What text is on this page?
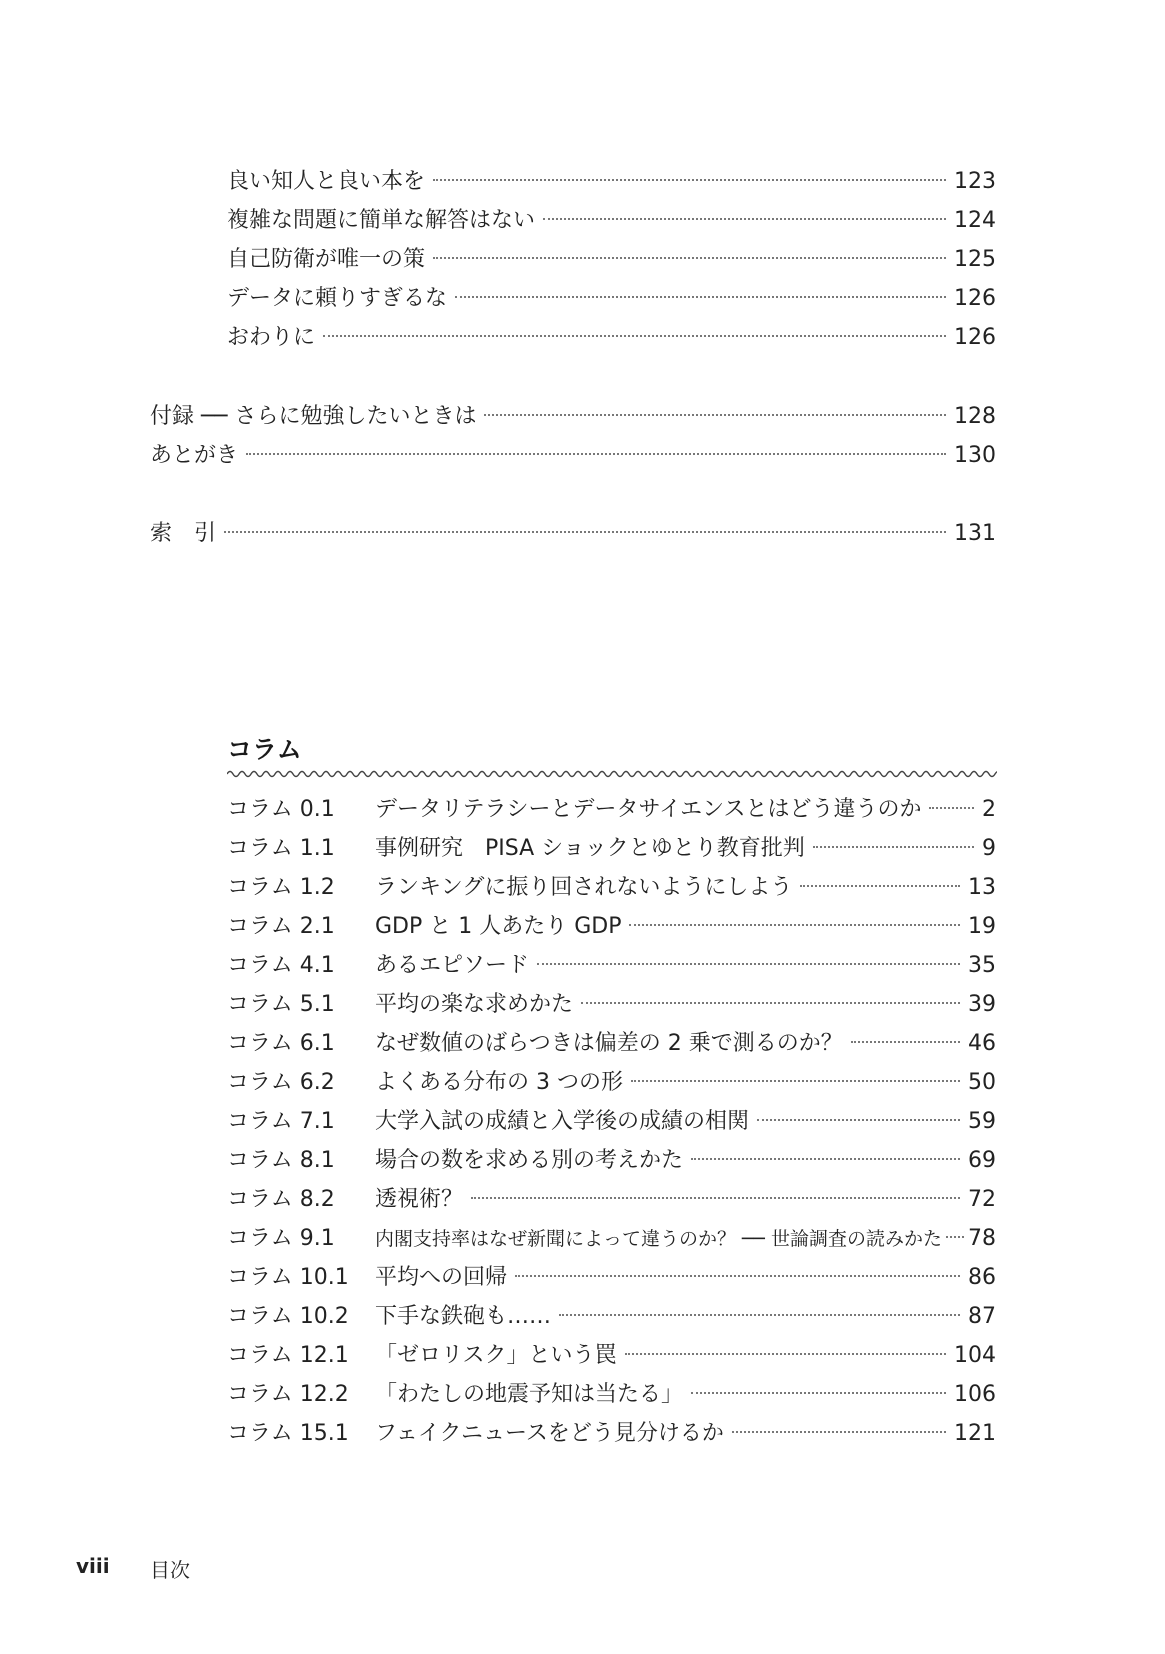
良い知人と良い本を	123
複雑な問題に簡単な解答はない	124
自己防衛が唯一の策	125
データに頼りすぎるな	126
おわりに	126
付録 ── さらに勉強したいときは	128
あとがき	130
索　引	131
コラム
コラム 0.1	データリテラシーとデータサイエンスとはどう違うのか	2
コラム 1.1	事例研究　PISA ショックとゆとり教育批判	9
コラム 1.2	ランキングに振り回されないようにしよう	13
コラム 2.1	GDP と 1 人あたり GDP	19
コラム 4.1	あるエピソード	35
コラム 5.1	平均の楽な求めかた	39
コラム 6.1	なぜ数値のばらつきは偏差の 2 乗で測るのか？	46
コラム 6.2	よくある分布の 3 つの形	50
コラム 7.1	大学入試の成績と入学後の成績の相関	59
コラム 8.1	場合の数を求める別の考えかた	69
コラム 8.2	透視術？	72
コラム 9.1	内閣支持率はなぜ新聞によって違うのか？ ── 世論調査の読みかた 78
コラム 10.1	平均への回帰	86
コラム 10.2	下手な鉄砲も……	87
コラム 12.1	「ゼロリスク」という罠	104
コラム 12.2	「わたしの地震予知は当たる」	106
コラム 15.1	フェイクニュースをどう見分けるか	121
viii 目次
